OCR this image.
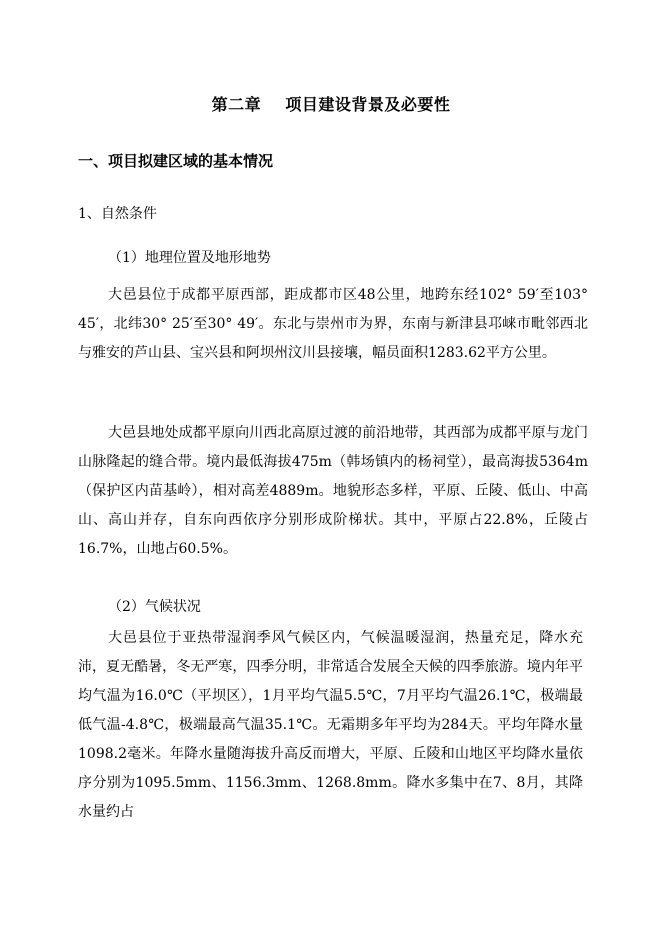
第二章    项目建设背景及必要性
一、项目拟建区域的基本情况
1、自然条件
（1）地理位置及地形地势

大邑县位于成都平原西部，距成都市区48公里，地跨东经102° 59′至103° 45′，北纬30° 25′至30° 49′。东北与崇州市为界，东南与新津县邛崃市毗邻西北与雅安的芦山县、宝兴县和阿坝州汶川县接壤，幅员面积1283.62平方公里。

大邑县地处成都平原向川西北高原过渡的前沿地带，其西部为成都平原与龙门山脉隆起的缝合带。境内最低海拔475m（韩场镇内的杨祠堂），最高海拔5364m（保护区内苗基岭），相对高差4889m。地貌形态多样，平原、丘陵、低山、中高山、高山并存，自东向西依序分别形成阶梯状。其中，平原占22.8%，丘陵占16.7%，山地占60.5%。

（2）气候状况

大邑县位于亚热带湿润季风气候区内，气候温暖湿润，热量充足，降水充沛，夏无酷暑，冬无严寒，四季分明，非常适合发展全天候的四季旅游。境内年平均气温为16.0℃（平坝区），1月平均气温5.5℃，7月平均气温26.1℃，极端最低气温-4.8℃，极端最高气温35.1℃。无霜期多年平均为284天。平均年降水量1098.2毫米。年降水量随海拔升高反而增大，平原、丘陵和山地区平均降水量依序分别为1095.5mm、1156.3mm、1268.8mm。降水多集中在7、8月，其降水量约占
